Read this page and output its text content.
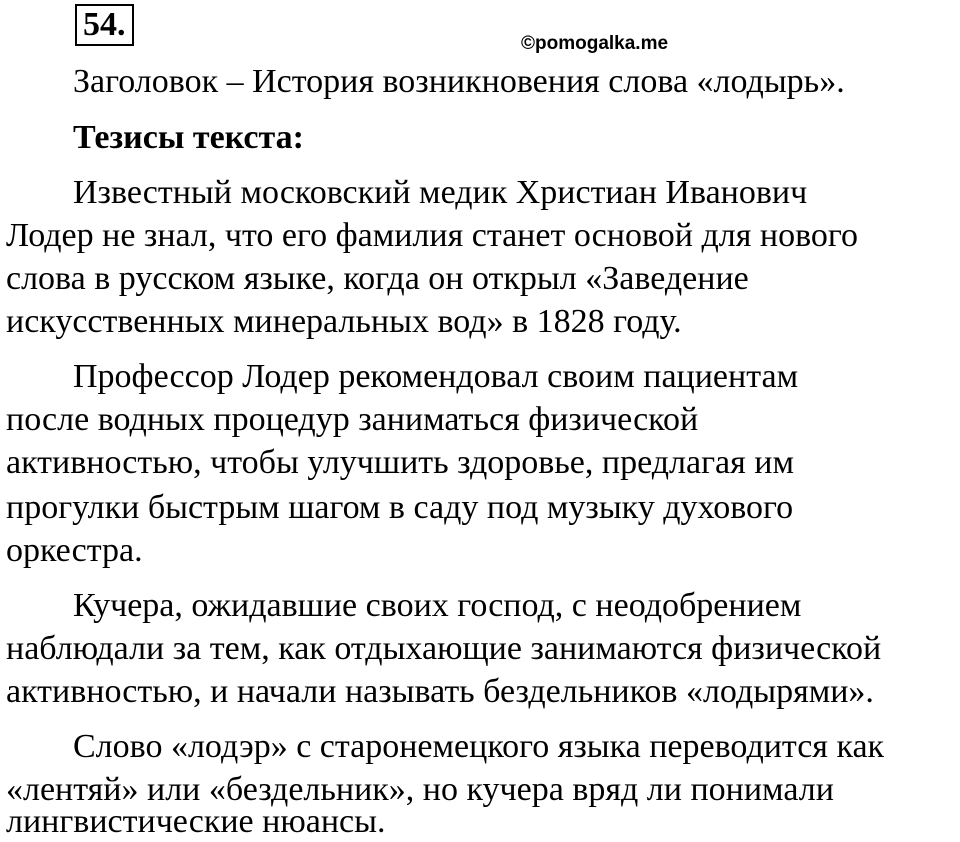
54.
©pomogalka.me
Заголовок – История возникновения слова «лодырь».
Тезисы текста:
Известный московский медик Христиан Иванович
Лодер не знал, что его фамилия станет основой для нового
слова в русском языке, когда он открыл «Заведение
искусственных минеральных вод» в 1828 году.
Профессор Лодер рекомендовал своим пациентам
после водных процедур заниматься физической
активностью, чтобы улучшить здоровье, предлагая им
прогулки быстрым шагом в саду под музыку духового
оркестра.
Кучера, ожидавшие своих господ, с неодобрением
наблюдали за тем, как отдыхающие занимаются физической
активностью, и начали называть бездельников «лодырями».
Слово «лодэр» с старонемецкого языка переводится как
«лентяй» или «бездельник», но кучера вряд ли понимали
лингвистические нюансы.
